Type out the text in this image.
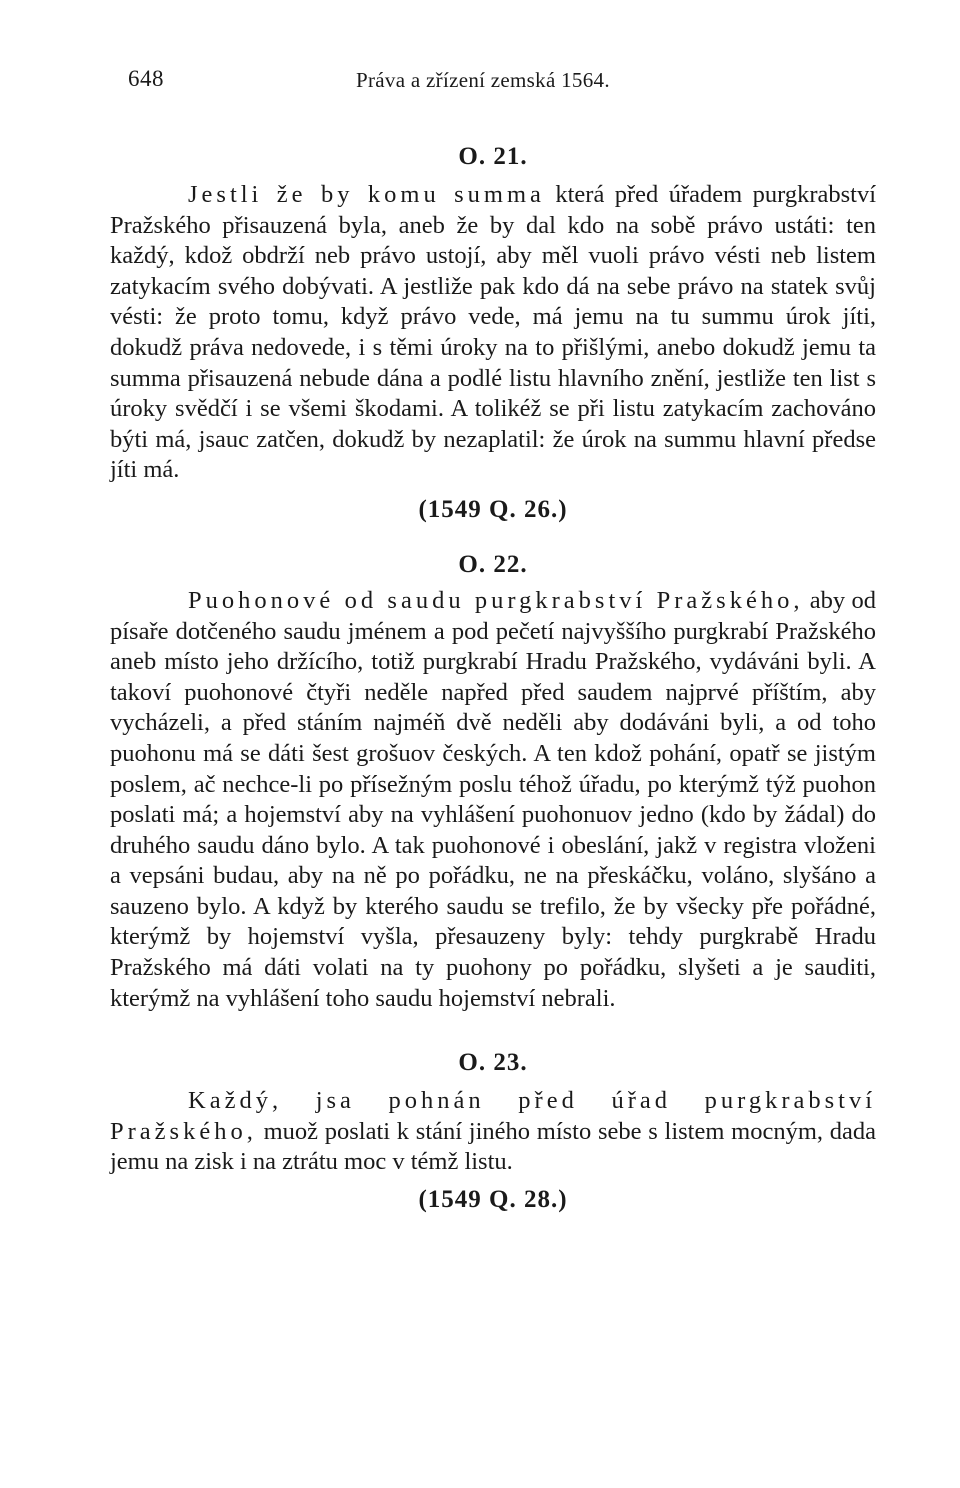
648	Práva a zřízení zemská 1564.
O. 21.

Jestli že by komu summa která před úřadem purgkrabství Pražského přisauzená byla, aneb že by dal kdo na sobě právo ustáti: ten každý, kdož obdrží neb právo ustojí, aby měl vuoli právo vésti neb listem zatykacím svého dobývati. A jestliže pak kdo dá na sebe právo na statek svůj vésti: že proto tomu, když právo vede, má jemu na tu summu úrok jíti, dokudž práva nedovede, i s těmi úroky na to přišlými, anebo dokudž jemu ta summa přisauzená nebude dána a podlé listu hlavního znění, jestliže ten list s úroky svědčí i se všemi škodami. A tolikéž se při listu zatykacím zachováno býti má, jsauc zatčen, dokudž by nezaplatil: že úrok na summu hlavní předse jíti má.

(1549 Q. 26.)

O. 22.

Puohonové od saudu purgkrabství Pražského, aby od písaře dotčeného saudu jménem a pod pečetí najvyššího purgkrabí Pražského aneb místo jeho držícího, totiž purgkrabí Hradu Pražského, vydáváni byli. A takoví puohonové čtyři neděle napřed před saudem najprvé příštím, aby vycházeli, a před stáním najméň dvě neděli aby dodáváni byli, a od toho puohonu má se dáti šest grošuov českých. A ten kdož pohání, opatř se jistým poslem, ač nechce-li po přísežným poslu téhož úřadu, po kterýmž týž puohon poslati má; a hojemství aby na vyhlášení puohonuov jedno (kdo by žádal) do druhého saudu dáno bylo. A tak puohonové i obeslání, jakž v registra vloženi a vepsáni budau, aby na ně po pořádku, ne na přeskáčku, voláno, slyšáno a sauzeno bylo. A když by kterého saudu se trefilo, že by všecky pře pořádné, kterýmž by hojemství vyšla, přesauzeny byly: tehdy purgkrabě Hradu Pražského má dáti volati na ty puohony po pořádku, slyšeti a je sauditi, kterýmž na vyhlášení toho saudu hojemství nebrali.

O. 23.

Každý, jsa pohnán před úřad purgkrabství Pražského, muož poslati k stání jiného místo sebe s listem mocným, dada jemu na zisk i na ztrátu moc v témž listu.

(1549 Q. 28.)
